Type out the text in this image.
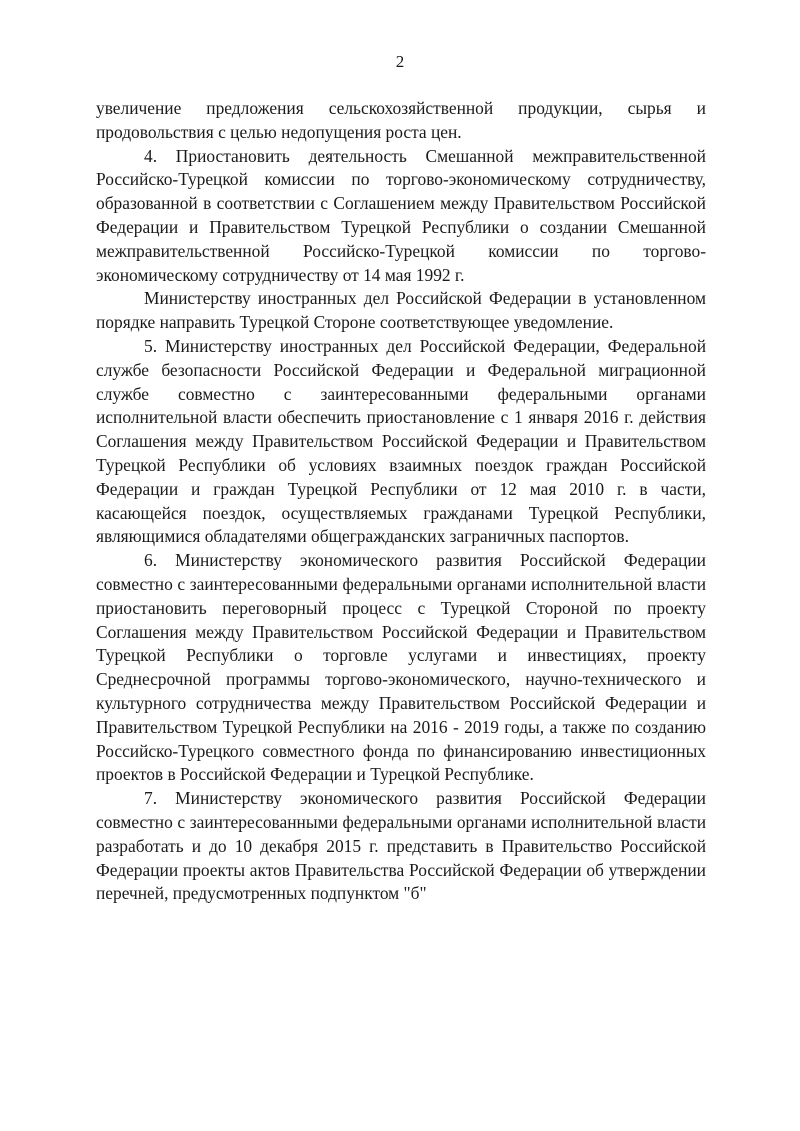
2

увеличение предложения сельскохозяйственной продукции, сырья и продовольствия с целью недопущения роста цен.

4. Приостановить деятельность Смешанной межправительственной Российско-Турецкой комиссии по торгово-экономическому сотрудничеству, образованной в соответствии с Соглашением между Правительством Российской Федерации и Правительством Турецкой Республики о создании Смешанной межправительственной Российско-Турецкой комиссии по торгово-экономическому сотрудничеству от 14 мая 1992 г.

Министерству иностранных дел Российской Федерации в установленном порядке направить Турецкой Стороне соответствующее уведомление.

5. Министерству иностранных дел Российской Федерации, Федеральной службе безопасности Российской Федерации и Федеральной миграционной службе совместно с заинтересованными федеральными органами исполнительной власти обеспечить приостановление с 1 января 2016 г. действия Соглашения между Правительством Российской Федерации и Правительством Турецкой Республики об условиях взаимных поездок граждан Российской Федерации и граждан Турецкой Республики от 12 мая 2010 г. в части, касающейся поездок, осуществляемых гражданами Турецкой Республики, являющимися обладателями общегражданских заграничных паспортов.

6. Министерству экономического развития Российской Федерации совместно с заинтересованными федеральными органами исполнительной власти приостановить переговорный процесс с Турецкой Стороной по проекту Соглашения между Правительством Российской Федерации и Правительством Турецкой Республики о торговле услугами и инвестициях, проекту Среднесрочной программы торгово-экономического, научно-технического и культурного сотрудничества между Правительством Российской Федерации и Правительством Турецкой Республики на 2016 - 2019 годы, а также по созданию Российско-Турецкого совместного фонда по финансированию инвестиционных проектов в Российской Федерации и Турецкой Республике.

7. Министерству экономического развития Российской Федерации совместно с заинтересованными федеральными органами исполнительной власти разработать и до 10 декабря 2015 г. представить в Правительство Российской Федерации проекты актов Правительства Российской Федерации об утверждении перечней, предусмотренных подпунктом "б"
